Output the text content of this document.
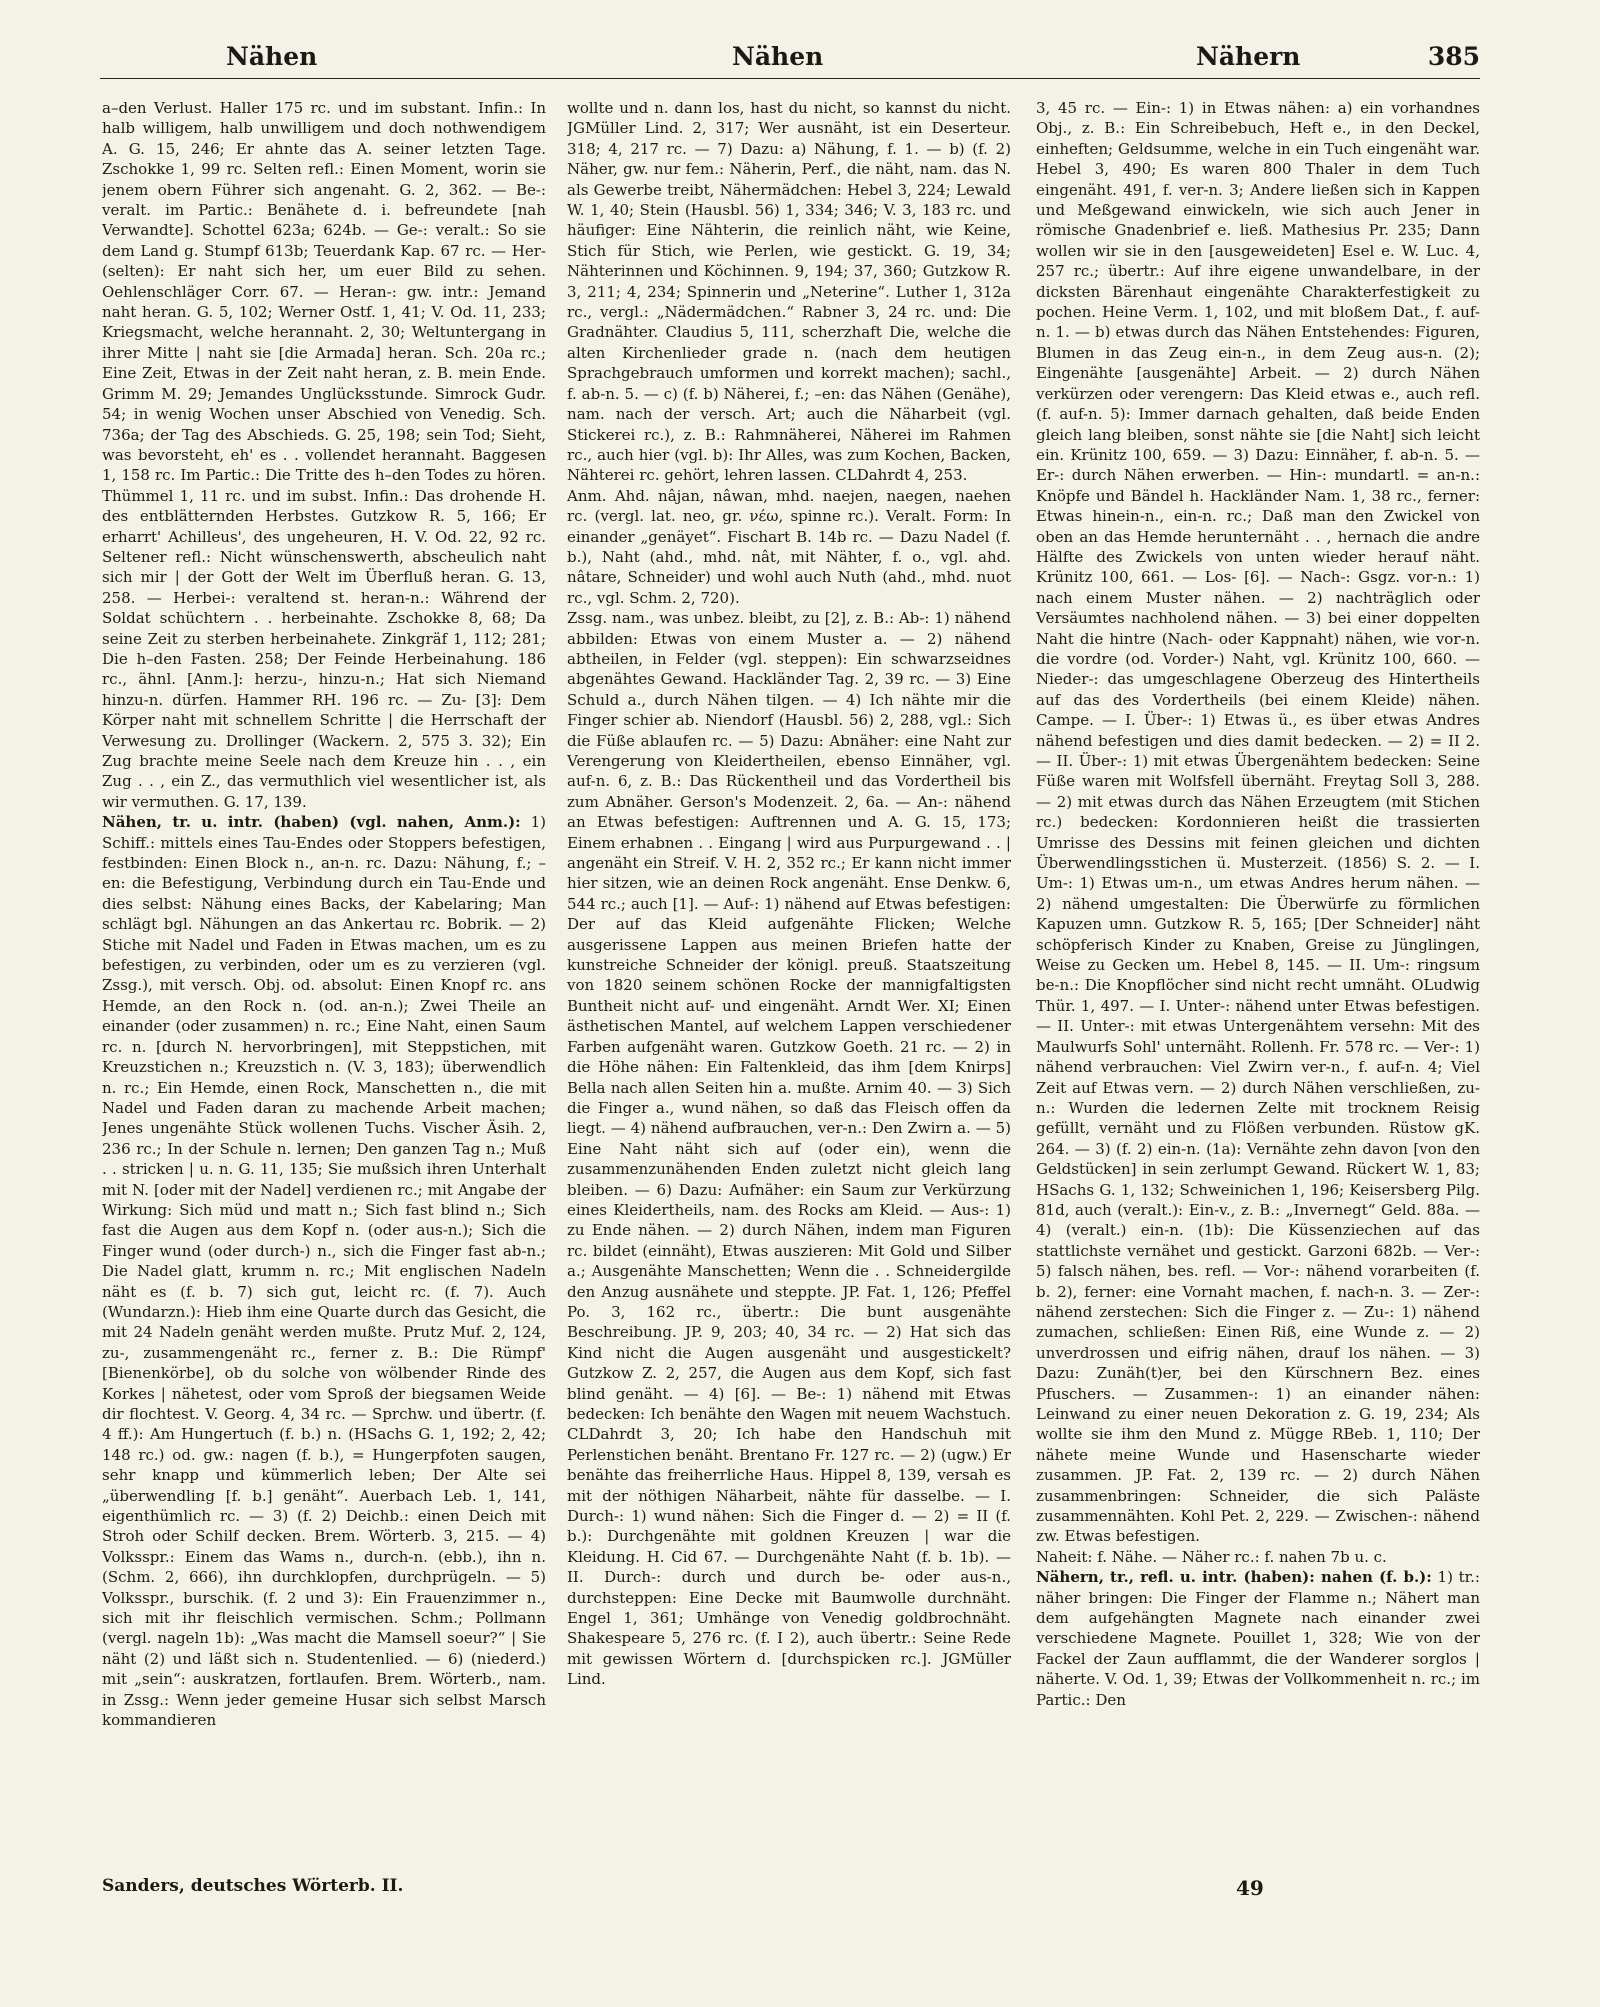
Nähen	Nähen	Nähern	385

a–den Verlust. Haller 175 rc. und im substant. Infin.: In halb willigem, halb unwilligem und doch nothwendigem A. G. 15, 246; Er ahnte das A. seiner letzten Tage. Zschokke 1, 99 rc. Selten refl.: Einen Moment, worin sie jenem obern Führer sich angenaht. G. 2, 362. — Be-: veralt. im Partic.: Benähete d. i. befreundete [nah Verwandte]. Schottel 623a; 624b. — Ge-: veralt.: So sie dem Land g. Stumpf 613b; Teuerdank Kap. 67 rc. — Her- (selten): Er naht sich her, um euer Bild zu sehen. Oehlenschläger Corr. 67. — Heran-: gw. intr.: Jemand naht heran. G. 5, 102; Werner Ostf. 1, 41; V. Od. 11, 233; Kriegsmacht, welche herannaht. 2, 30; Weltuntergang in ihrer Mitte | naht sie [die Armada] heran. Sch. 20a rc.; Eine Zeit, Etwas in der Zeit naht heran, z. B. mein Ende. Grimm M. 29; Jemandes Unglücksstunde. Simrock Gudr. 54; in wenig Wochen unser Abschied von Venedig. Sch. 736a; der Tag des Abschieds. G. 25, 198; sein Tod; Sieht, was bevorsteht, eh' es . . vollendet herannaht. Baggesen 1, 158 rc. Im Partic.: Die Tritte des h–den Todes zu hören. Thümmel 1, 11 rc. und im subst. Infin.: Das drohende H. des entblätternden Herbstes. Gutzkow R. 5, 166; Er erharrt' Achilleus', des ungeheuren, H. V. Od. 22, 92 rc. Seltener refl.: Nicht wünschenswerth, abscheulich naht sich mir | der Gott der Welt im Überfluß heran. G. 13, 258. — Herbei-: veraltend st. heran-n.: Während der Soldat schüchtern . . herbeinahte. Zschokke 8, 68; Da seine Zeit zu sterben herbeinahete. Zinkgräf 1, 112; 281; Die h–den Fasten. 258; Der Feinde Herbeinahung. 186 rc., ähnl. [Anm.]: herzu-, hinzu-n.; Hat sich Niemand hinzu-n. dürfen. Hammer RH. 196 rc. — Zu- [3]: Dem Körper naht mit schnellem Schritte | die Herrschaft der Verwesung zu. Drollinger (Wackern. 2, 575 3. 32); Ein Zug brachte meine Seele nach dem Kreuze hin . . , ein Zug . . , ein Z., das vermuthlich viel wesentlicher ist, als wir vermuthen. G. 17, 139.

Nähen, tr. u. intr. (haben) (vgl. nahen, Anm.): 1) Schiff.: mittels eines Tau-Endes oder Stoppers befestigen, festbinden: Einen Block n., an-n. rc. Dazu: Nähung, f.; –en: die Befestigung, Verbindung durch ein Tau-Ende und dies selbst: Nähung eines Backs, der Kabelaring; Man schlägt bgl. Nähungen an das Ankertau rc. Bobrik. — 2) Stiche mit Nadel und Faden in Etwas machen, um es zu befestigen, zu verbinden, oder um es zu verzieren (vgl. Zssg.), mit versch. Obj. od. absolut: Einen Knopf rc. ans Hemde, an den Rock n. (od. an-n.); Zwei Theile an einander (oder zusammen) n. rc.; Eine Naht, einen Saum rc. n. [durch N. hervorbringen], mit Steppstichen, mit Kreuzstichen n.; Kreuzstich n. (V. 3, 183); überwendlich n. rc.; Ein Hemde, einen Rock, Manschetten n., die mit Nadel und Faden daran zu machende Arbeit machen; Jenes ungenähte Stück wollenen Tuchs. Vischer Äsih. 2, 236 rc.; In der Schule n. lernen; Den ganzen Tag n.; Muß . . stricken | u. n. G. 11, 135; Sie mußsich ihren Unterhalt mit N. [oder mit der Nadel] verdienen rc.; mit Angabe der Wirkung: Sich müd und matt n.; Sich fast blind n.; Sich fast die Augen aus dem Kopf n. (oder aus-n.); Sich die Finger wund (oder durch-) n., sich die Finger fast ab-n.; Die Nadel glatt, krumm n. rc.; Mit englischen Nadeln näht es (f. b. 7) sich gut, leicht rc. (f. 7). Auch (Wundarzn.): Hieb ihm eine Quarte durch das Gesicht, die mit 24 Nadeln genäht werden mußte. Prutz Muf. 2, 124, zu-, zusammengenäht rc., ferner z. B.: Die Rümpf' [Bienenkörbe], ob du solche von wölbender Rinde des Korkes | nähetest, oder vom Sproß der biegsamen Weide dir flochtest. V. Georg. 4, 34 rc. — Sprchw. und übertr. (f. 4 ff.): Am Hungertuch (f. b.) n. (HSachs G. 1, 192; 2, 42; 148 rc.) od. gw.: nagen (f. b.), = Hungerpfoten saugen, sehr knapp und kümmerlich leben; Der Alte sei „überwendling [f. b.] genäht“. Auerbach Leb. 1, 141, eigenthümlich rc. — 3) (f. 2) Deichb.: einen Deich mit Stroh oder Schilf decken. Brem. Wörterb. 3, 215. — 4) Volksspr.: Einem das Wams n., durch-n. (ebb.), ihn n. (Schm. 2, 666), ihn durchklopfen, durchprügeln. — 5) Volksspr., burschik. (f. 2 und 3): Ein Frauenzimmer n., sich mit ihr fleischlich vermischen. Schm.; Pollmann (vergl. nageln 1b): „Was macht die Mamsell soeur?“ | Sie näht (2) und läßt sich n. Studentenlied. — 6) (niederd.) mit „sein“: auskratzen, fortlaufen. Brem. Wörterb., nam. in Zssg.: Wenn jeder gemeine Husar sich selbst Marsch kommandieren

wollte und n. dann los, hast du nicht, so kannst du nicht. JGMüller Lind. 2, 317; Wer ausnäht, ist ein Deserteur. 318; 4, 217 rc. — 7) Dazu: a) Nähung, f. 1. — b) (f. 2) Näher, gw. nur fem.: Näherin, Perf., die näht, nam. das N. als Gewerbe treibt, Nähermädchen: Hebel 3, 224; Lewald W. 1, 40; Stein (Hausbl. 56) 1, 334; 346; V. 3, 183 rc. und häufiger: Eine Nähterin, die reinlich näht, wie Keine, Stich für Stich, wie Perlen, wie gestickt. G. 19, 34; Nähterinnen und Köchinnen. 9, 194; 37, 360; Gutzkow R. 3, 211; 4, 234; Spinnerin und „Neterine“. Luther 1, 312a rc., vergl.: „Nädermädchen.“ Rabner 3, 24 rc. und: Die Gradnähter. Claudius 5, 111, scherzhaft Die, welche die alten Kirchenlieder grade n. (nach dem heutigen Sprachgebrauch umformen und korrekt machen); sachl., f. ab-n. 5. — c) (f. b) Näherei, f.; –en: das Nähen (Genähe), nam. nach der versch. Art; auch die Näharbeit (vgl. Stickerei rc.), z. B.: Rahmnäherei, Näherei im Rahmen rc., auch hier (vgl. b): Ihr Alles, was zum Kochen, Backen, Nähterei rc. gehört, lehren lassen. CLDahrdt 4, 253.

Anm. Ahd. nâjan, nâwan, mhd. naejen, naegen, naehen rc. (vergl. lat. neo, gr. νέω, spinne rc.). Veralt. Form: In einander „genäyet“. Fischart B. 14b rc. — Dazu Nadel (f. b.), Naht (ahd., mhd. nât, mit Nähter, f. o., vgl. ahd. nâtare, Schneider) und wohl auch Nuth (ahd., mhd. nuot rc., vgl. Schm. 2, 720).

Zssg. nam., was unbez. bleibt, zu [2], z. B.: Ab-: 1) nähend abbilden: Etwas von einem Muster a. — 2) nähend abtheilen, in Felder (vgl. steppen): Ein schwarzseidnes abgenähtes Gewand. Hackländer Tag. 2, 39 rc. — 3) Eine Schuld a., durch Nähen tilgen. — 4) Ich nähte mir die Finger schier ab. Niendorf (Hausbl. 56) 2, 288, vgl.: Sich die Füße ablaufen rc. — 5) Dazu: Abnäher: eine Naht zur Verengerung von Kleidertheilen, ebenso Einnäher, vgl. auf-n. 6, z. B.: Das Rückentheil und das Vordertheil bis zum Abnäher. Gerson's Modenzeit. 2, 6a. — An-: nähend an Etwas befestigen: Auftrennen und A. G. 15, 173; Einem erhabnen . . Eingang | wird aus Purpurgewand . . | angenäht ein Streif. V. H. 2, 352 rc.; Er kann nicht immer hier sitzen, wie an deinen Rock angenäht. Ense Denkw. 6, 544 rc.; auch [1]. — Auf-: 1) nähend auf Etwas befestigen: Der auf das Kleid aufgenähte Flicken; Welche ausgerissene Lappen aus meinen Briefen hatte der kunstreiche Schneider der königl. preuß. Staatszeitung von 1820 seinem schönen Rocke der mannigfaltigsten Buntheit nicht auf- und eingenäht. Arndt Wer. XI; Einen ästhetischen Mantel, auf welchem Lappen verschiedener Farben aufgenäht waren. Gutzkow Goeth. 21 rc. — 2) in die Höhe nähen: Ein Faltenkleid, das ihm [dem Knirps] Bella nach allen Seiten hin a. mußte. Arnim 40. — 3) Sich die Finger a., wund nähen, so daß das Fleisch offen da liegt. — 4) nähend aufbrauchen, ver-n.: Den Zwirn a. — 5) Eine Naht näht sich auf (oder ein), wenn die zusammenzunähenden Enden zuletzt nicht gleich lang bleiben. — 6) Dazu: Aufnäher: ein Saum zur Verkürzung eines Kleidertheils, nam. des Rocks am Kleid. — Aus-: 1) zu Ende nähen. — 2) durch Nähen, indem man Figuren rc. bildet (einnäht), Etwas auszieren: Mit Gold und Silber a.; Ausgenähte Manschetten; Wenn die . . Schneidergilde den Anzug ausnähete und steppte. JP. Fat. 1, 126; Pfeffel Po. 3, 162 rc., übertr.: Die bunt ausgenähte Beschreibung. JP. 9, 203; 40, 34 rc. — 2) Hat sich das Kind nicht die Augen ausgenäht und ausgestickelt? Gutzkow Z. 2, 257, die Augen aus dem Kopf, sich fast blind genäht. — 4) [6]. — Be-: 1) nähend mit Etwas bedecken: Ich benähte den Wagen mit neuem Wachstuch. CLDahrdt 3, 20; Ich habe den Handschuh mit Perlenstichen benäht. Brentano Fr. 127 rc. — 2) (ugw.) Er benähte das freiherrliche Haus. Hippel 8, 139, versah es mit der nöthigen Näharbeit, nähte für dasselbe. — I. Durch-: 1) wund nähen: Sich die Finger d. — 2) = II (f. b.): Durchgenähte mit goldnen Kreuzen | war die Kleidung. H. Cid 67. — Durchgenähte Naht (f. b. 1b). — II. Durch-: durch und durch be- oder aus-n., durchsteppen: Eine Decke mit Baumwolle durchnäht. Engel 1, 361; Umhänge von Venedig goldbrochnäht. Shakespeare 5, 276 rc. (f. I 2), auch übertr.: Seine Rede mit gewissen Wörtern d. [durchspicken rc.]. JGMüller Lind.

3, 45 rc. — Ein-: 1) in Etwas nähen: a) ein vorhandnes Obj., z. B.: Ein Schreibebuch, Heft e., in den Deckel, einheften; Geldsumme, welche in ein Tuch eingenäht war. Hebel 3, 490; Es waren 800 Thaler in dem Tuch eingenäht. 491, f. ver-n. 3; Andere ließen sich in Kappen und Meßgewand einwickeln, wie sich auch Jener in römische Gnadenbrief e. ließ. Mathesius Pr. 235; Dann wollen wir sie in den [ausgeweideten] Esel e. W. Luc. 4, 257 rc.; übertr.: Auf ihre eigene unwandelbare, in der dicksten Bärenhaut eingenähte Charakterfestigkeit zu pochen. Heine Verm. 1, 102, und mit bloßem Dat., f. auf-n. 1. — b) etwas durch das Nähen Entstehendes: Figuren, Blumen in das Zeug ein-n., in dem Zeug aus-n. (2); Eingenähte [ausgenähte] Arbeit. — 2) durch Nähen verkürzen oder verengern: Das Kleid etwas e., auch refl. (f. auf-n. 5): Immer darnach gehalten, daß beide Enden gleich lang bleiben, sonst nähte sie [die Naht] sich leicht ein. Krünitz 100, 659. — 3) Dazu: Einnäher, f. ab-n. 5. — Er-: durch Nähen erwerben. — Hin-: mundartl. = an-n.: Knöpfe und Bändel h. Hackländer Nam. 1, 38 rc., ferner: Etwas hinein-n., ein-n. rc.; Daß man den Zwickel von oben an das Hemde herunternäht . . , hernach die andre Hälfte des Zwickels von unten wieder herauf näht. Krünitz 100, 661. — Los- [6]. — Nach-: Gsgz. vor-n.: 1) nach einem Muster nähen. — 2) nachträglich oder Versäumtes nachholend nähen. — 3) bei einer doppelten Naht die hintre (Nach- oder Kappnaht) nähen, wie vor-n. die vordre (od. Vorder-) Naht, vgl. Krünitz 100, 660. — Nieder-: das umgeschlagene Oberzeug des Hintertheils auf das des Vordertheils (bei einem Kleide) nähen. Campe. — I. Über-: 1) Etwas ü., es über etwas Andres nähend befestigen und dies damit bedecken. — 2) = II 2. — II. Über-: 1) mit etwas Übergenähtem bedecken: Seine Füße waren mit Wolfsfell übernäht. Freytag Soll 3, 288. — 2) mit etwas durch das Nähen Erzeugtem (mit Stichen rc.) bedecken: Kordonnieren heißt die trassierten Umrisse des Dessins mit feinen gleichen und dichten Überwendlingsstichen ü. Musterzeit. (1856) S. 2. — I. Um-: 1) Etwas um-n., um etwas Andres herum nähen. — 2) nähend umgestalten: Die Überwürfe zu förmlichen Kapuzen umn. Gutzkow R. 5, 165; [Der Schneider] näht schöpferisch Kinder zu Knaben, Greise zu Jünglingen, Weise zu Gecken um. Hebel 8, 145. — II. Um-: ringsum be-n.: Die Knopflöcher sind nicht recht umnäht. OLudwig Thür. 1, 497. — I. Unter-: nähend unter Etwas befestigen. — II. Unter-: mit etwas Untergenähtem versehn: Mit des Maulwurfs Sohl' unternäht. Rollenh. Fr. 578 rc. — Ver-: 1) nähend verbrauchen: Viel Zwirn ver-n., f. auf-n. 4; Viel Zeit auf Etwas vern. — 2) durch Nähen verschließen, zu-n.: Wurden die ledernen Zelte mit trocknem Reisig gefüllt, vernäht und zu Flößen verbunden. Rüstow gK. 264. — 3) (f. 2) ein-n. (1a): Vernähte zehn davon [von den Geldstücken] in sein zerlumpt Gewand. Rückert W. 1, 83; HSachs G. 1, 132; Schweinichen 1, 196; Keisersberg Pilg. 81d, auch (veralt.): Ein-v., z. B.: „Invernegt“ Geld. 88a. — 4) (veralt.) ein-n. (1b): Die Küssenziechen auf das stattlichste vernähet und gestickt. Garzoni 682b. — Ver-: 5) falsch nähen, bes. refl. — Vor-: nähend vorarbeiten (f. b. 2), ferner: eine Vornaht machen, f. nach-n. 3. — Zer-: nähend zerstechen: Sich die Finger z. — Zu-: 1) nähend zumachen, schließen: Einen Riß, eine Wunde z. — 2) unverdrossen und eifrig nähen, drauf los nähen. — 3) Dazu: Zunäh(t)er, bei den Kürschnern Bez. eines Pfuschers. — Zusammen-: 1) an einander nähen: Leinwand zu einer neuen Dekoration z. G. 19, 234; Als wollte sie ihm den Mund z. Mügge RBeb. 1, 110; Der nähete meine Wunde und Hasenscharte wieder zusammen. JP. Fat. 2, 139 rc. — 2) durch Nähen zusammenbringen: Schneider, die sich Paläste zusammennähten. Kohl Pet. 2, 229. — Zwischen-: nähend zw. Etwas befestigen.

Naheit: f. Nähe. — Näher rc.: f. nahen 7b u. c.

Nähern, tr., refl. u. intr. (haben): nahen (f. b.): 1) tr.: näher bringen: Die Finger der Flamme n.; Nähert man dem aufgehängten Magnete nach einander zwei verschiedene Magnete. Pouillet 1, 328; Wie von der Fackel der Zaun aufflammt, die der Wanderer sorglos | näherte. V. Od. 1, 39; Etwas der Vollkommenheit n. rc.; im Partic.: Den

Sanders, deutsches Wörterb. II.	49
